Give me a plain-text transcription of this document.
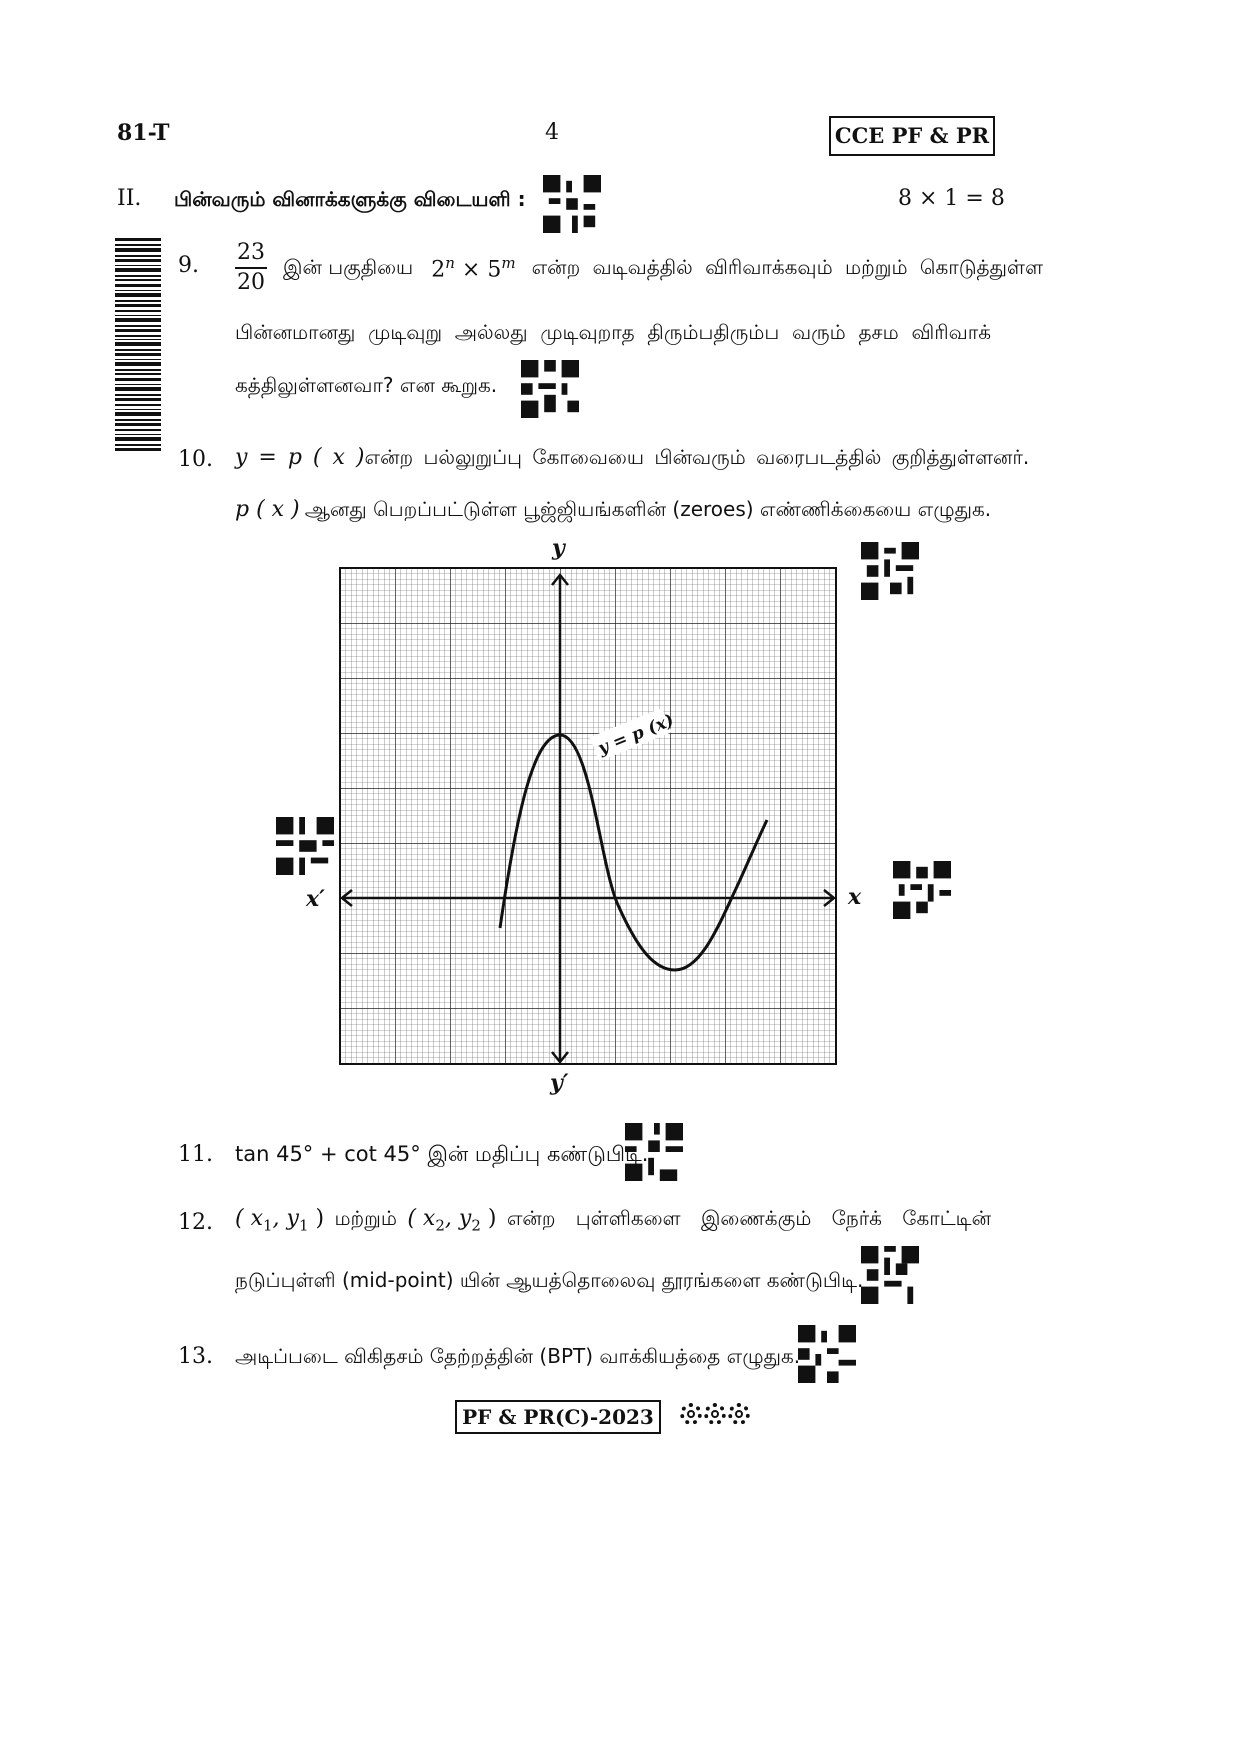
81-T	4	CCE PF & PR
II. பின்வரும் வினாக்களுக்கு விடையளி :	8 × 1 = 8
9. $\frac{23}{20}$ இன் பகுதியை $2^n \times 5^m$ என்ற வடிவத்தில் விரிவாக்கவும் மற்றும் கொடுத்துள்ள
பின்னமானது முடிவுறு அல்லது முடிவுறாத திரும்பதிரும்ப வரும் தசம விரிவாக்
கத்திலுள்ளனவா? என கூறுக.
10. y = p ( x ) என்ற பல்லுறுப்பு கோவையை பின்வரும் வரைபடத்தில் குறித்துள்ளனர்.
p ( x ) ஆனது பெறப்பட்டுள்ள பூஜ்ஜியங்களின் (zeroes) எண்ணிக்கையை எழுதுக.
y = p (x)
y
y′
x
x′
11. tan 45° + cot 45° இன் மதிப்பு கண்டுபிடி.
12. ( $x_1$, $y_1$ ) மற்றும் ( $x_2$, $y_2$ ) என்ற புள்ளிகளை இணைக்கும் நேர்க் கோட்டின்
நடுப்புள்ளி (mid-point) யின் ஆயத்தொலைவு தூரங்களை கண்டுபிடி.
13. அடிப்படை விகிதசம் தேற்றத்தின் (BPT) வாக்கியத்தை எழுதுக.
PF & PR(C)-2023
